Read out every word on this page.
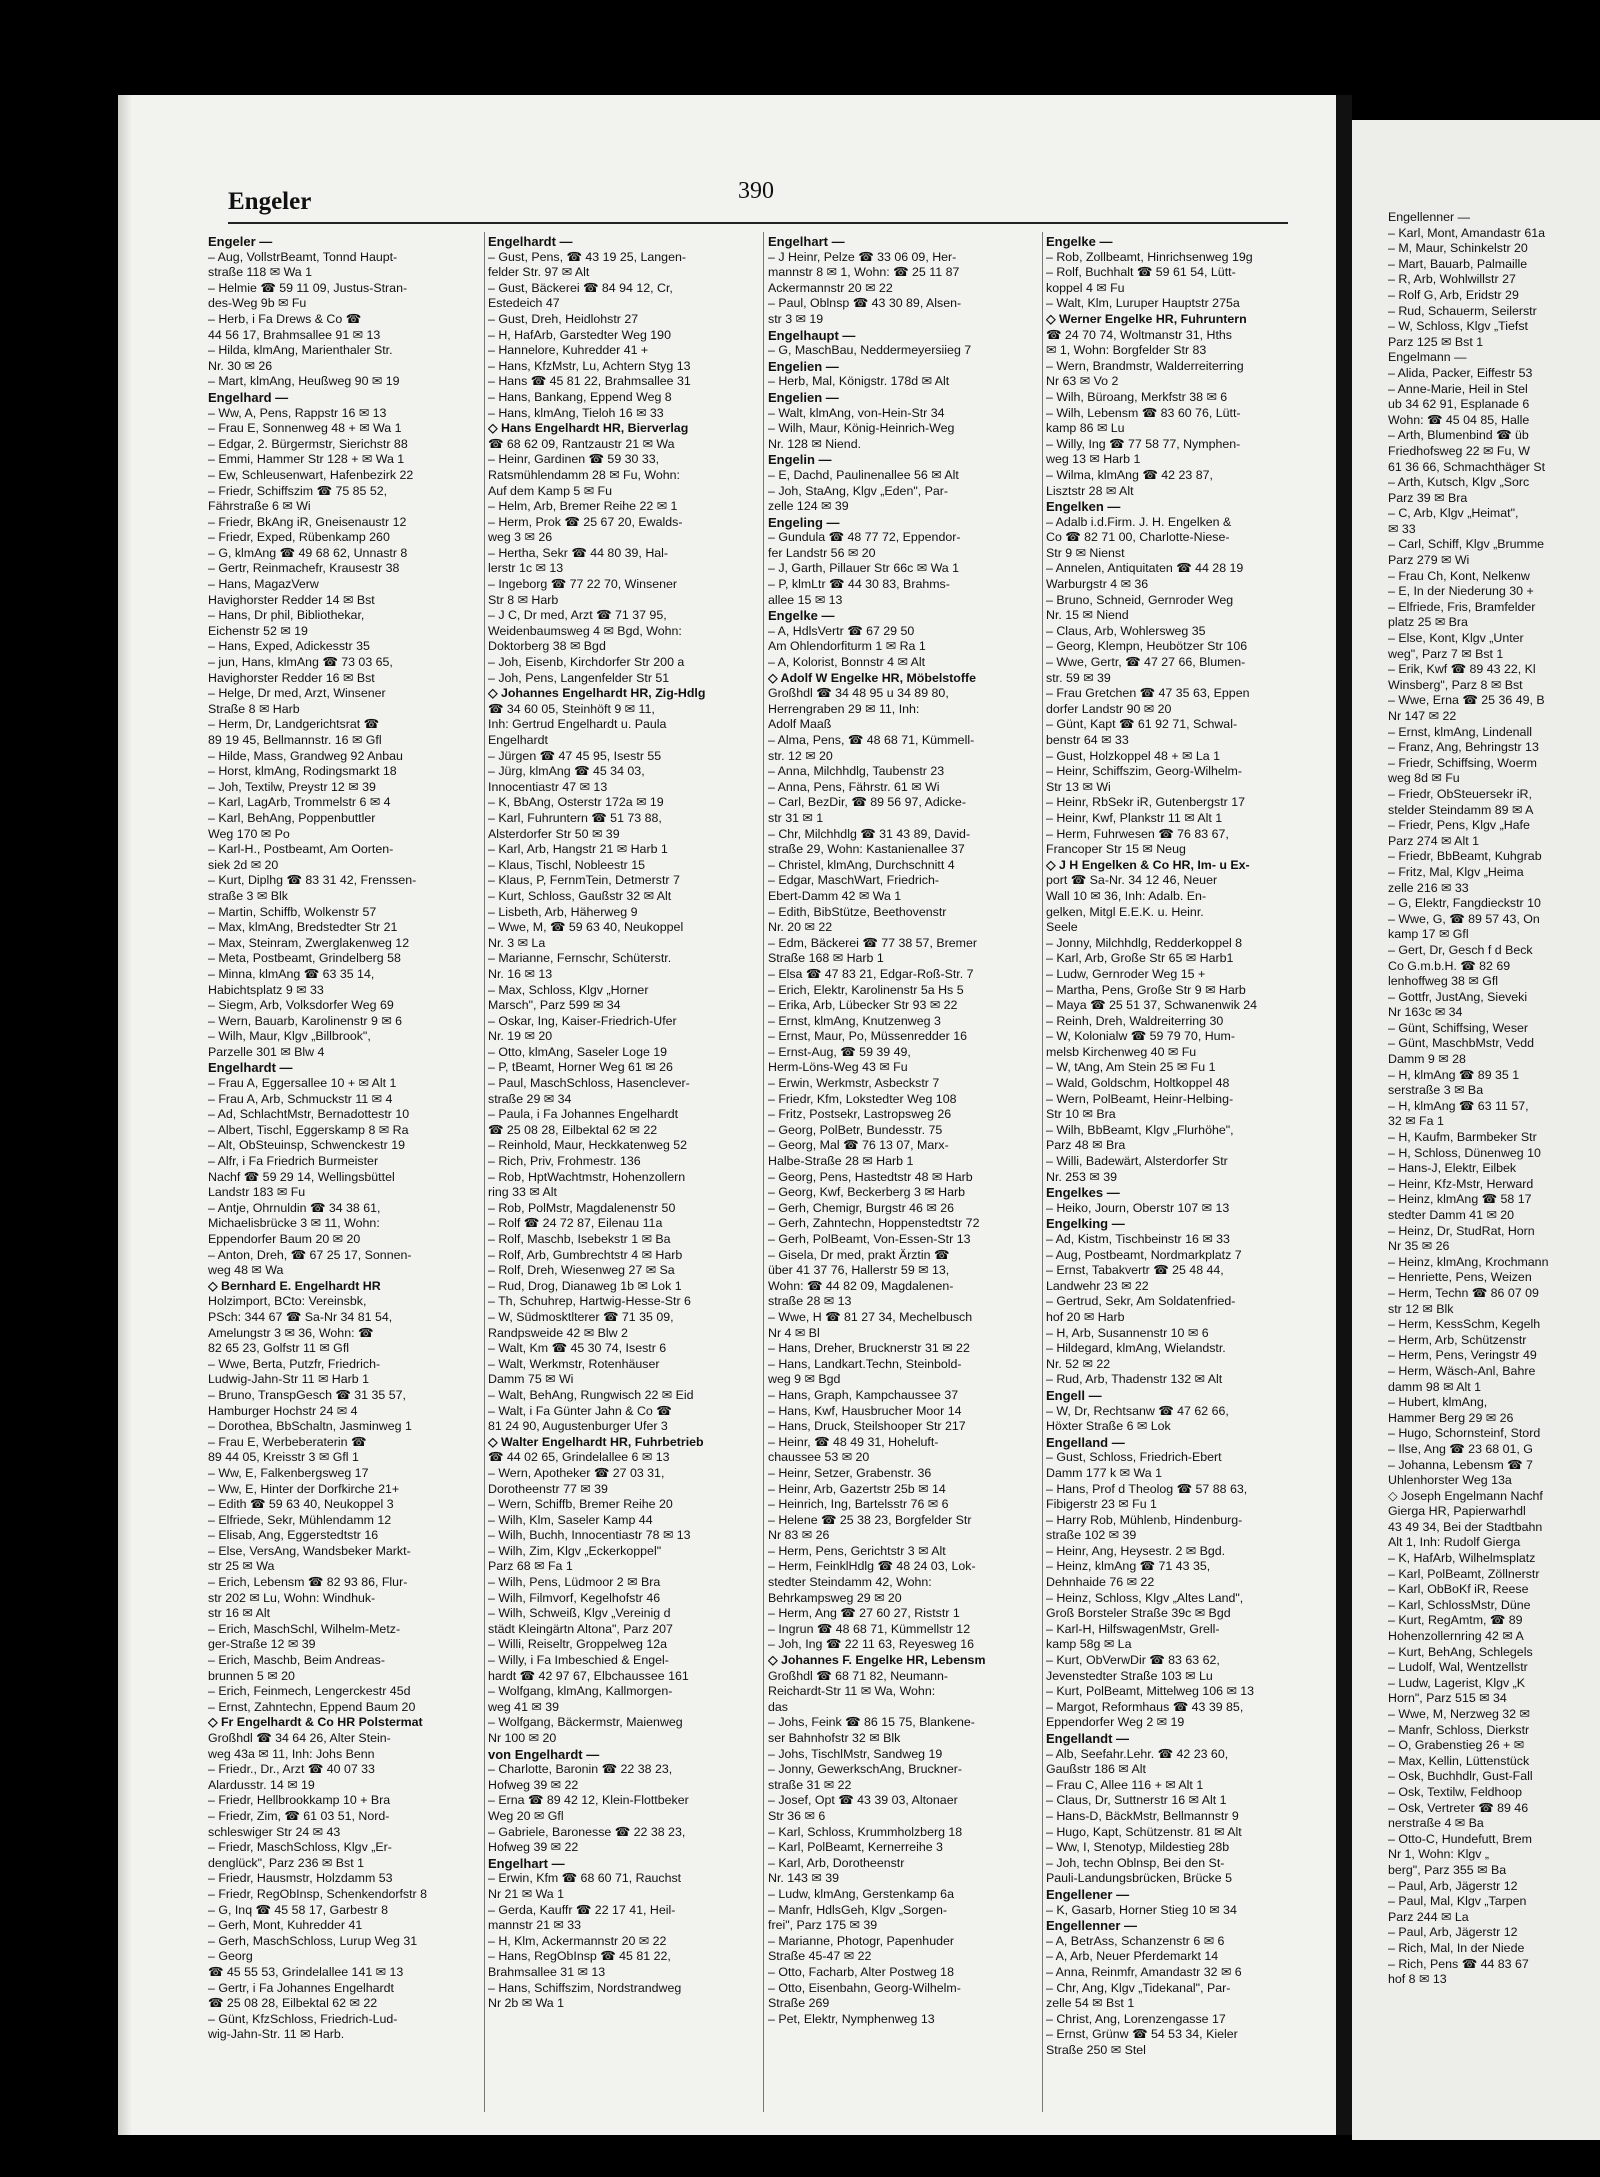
Engeler	390
Engeler —
– Aug, VollstrBeamt, Tonnd Haupt-
straße 118 ✉ Wa 1
– Helmie ☎ 59 11 09, Justus-Stran-
des-Weg 9b ✉ Fu
– Herb, i Fa Drews & Co ☎
44 56 17, Brahmsallee 91 ✉ 13
– Hilda, klmAng, Marienthaler Str.
Nr. 30 ✉ 26
– Mart, klmAng, Heußweg 90 ✉ 19
Engelhard —
– Ww, A, Pens, Rappstr 16 ✉ 13
– Frau E, Sonnenweg 48 + ✉ Wa 1
– Edgar, 2. Bürgermstr, Sierichstr 88
– Emmi, Hammer Str 128 + ✉ Wa 1
– Ew, Schleusenwart, Hafenbezirk 22
– Friedr, Schiffszim ☎ 75 85 52,
Fährstraße 6 ✉ Wi
– Friedr, BkAng iR, Gneisenaustr 12
– Friedr, Exped, Rübenkamp 260
– G, klmAng ☎ 49 68 62, Unnastr 8
– Gertr, Reinmachefr, Krausestr 38
– Hans, MagazVerw
Havighorster Redder 14 ✉ Bst
– Hans, Dr phil, Bibliothekar,
Eichenstr 52 ✉ 19
– Hans, Exped, Adickesstr 35
– jun, Hans, klmAng ☎ 73 03 65,
Havighorster Redder 16 ✉ Bst
– Helge, Dr med, Arzt, Winsener
Straße 8 ✉ Harb
– Herm, Dr, Landgerichtsrat ☎
89 19 45, Bellmannstr. 16 ✉ Gfl
– Hilde, Mass, Grandweg 92 Anbau
– Horst, klmAng, Rodingsmarkt 18
– Joh, Textilw, Preystr 12 ✉ 39
– Karl, LagArb, Trommelstr 6 ✉ 4
– Karl, BehAng, Poppenbuttler
Weg 170 ✉ Po
– Karl-H., Postbeamt, Am Oorten-
siek 2d ✉ 20
– Kurt, Diplhg ☎ 83 31 42, Frenssen-
straße 3 ✉ Blk
– Martin, Schiffb, Wolkenstr 57
– Max, klmAng, Bredstedter Str 21
– Max, Steinram, Zwerglakenweg 12
– Meta, Postbeamt, Grindelberg 58
– Minna, klmAng ☎ 63 35 14,
Habichtsplatz 9 ✉ 33
– Siegm, Arb, Volksdorfer Weg 69
– Wern, Bauarb, Karolinenstr 9 ✉ 6
– Wilh, Maur, Klgv „Billbrook",
Parzelle 301 ✉ Blw 4
Engelhardt —
– Frau A, Eggersallee 10 + ✉ Alt 1
– Frau A, Arb, Schmuckstr 11 ✉ 4
– Ad, SchlachtMstr, Bernadottestr 10
– Albert, Tischl, Eggerskamp 8 ✉ Ra
– Alt, ObSteuinsp, Schwenckestr 19
– Alfr, i Fa Friedrich Burmeister
Nachf ☎ 59 29 14, Wellingsbüttel
Landstr 183 ✉ Fu
– Antje, Ohrnuldin ☎ 34 38 61,
Michaelisbrücke 3 ✉ 11, Wohn:
Eppendorfer Baum 20 ✉ 20
– Anton, Dreh, ☎ 67 25 17, Sonnen-
weg 48 ✉ Wa
◇ Bernhard E. Engelhardt HR
Holzimport, BCto: Vereinsbk,
PSch: 344 67 ☎ Sa-Nr 34 81 54,
Amelungstr 3 ✉ 36, Wohn: ☎
82 65 23, Golfstr 11 ✉ Gfl
– Wwe, Berta, Putzfr, Friedrich-
Ludwig-Jahn-Str 11 ✉ Harb 1
– Bruno, TranspGesch ☎ 31 35 57,
Hamburger Hochstr 24 ✉ 4
– Dorothea, BbSchaltn, Jasminweg 1
– Frau E, Werbeberaterin ☎
89 44 05, Kreisstr 3 ✉ Gfl 1
– Ww, E, Falkenbergsweg 17
– Ww, E, Hinter der Dorfkirche 21+
– Edith ☎ 59 63 40, Neukoppel 3
– Elfriede, Sekr, Mühlendamm 12
– Elisab, Ang, Eggerstedtstr 16
– Else, VersAng, Wandsbeker Markt-
str 25 ✉ Wa
– Erich, Lebensm ☎ 82 93 86, Flur-
str 202 ✉ Lu, Wohn: Windhuk-
str 16 ✉ Alt
– Erich, MaschSchl, Wilhelm-Metz-
ger-Straße 12 ✉ 39
– Erich, Maschb, Beim Andreas-
brunnen 5 ✉ 20
– Erich, Feinmech, Lengerckestr 45d
– Ernst, Zahntechn, Eppend Baum 20
◇ Fr Engelhardt & Co HR Polstermat
Großhdl ☎ 34 64 26, Alter Stein-
weg 43a ✉ 11, Inh: Johs Benn
– Friedr., Dr., Arzt ☎ 40 07 33
Alardusstr. 14 ✉ 19
– Friedr, Hellbrookkamp 10 + Bra
– Friedr, Zim, ☎ 61 03 51, Nord-
schleswiger Str 24 ✉ 43
– Friedr, MaschSchloss, Klgv „Er-
denglück", Parz 236 ✉ Bst 1
– Friedr, Hausmstr, Holzdamm 53
– Friedr, RegObInsp, Schenkendorfstr 8
– G, Inq ☎ 45 58 17, Garbestr 8
– Gerh, Mont, Kuhredder 41
– Gerh, MaschSchloss, Lurup Weg 31
– Georg
☎ 45 55 53, Grindelallee 141 ✉ 13
– Gertr, i Fa Johannes Engelhardt
☎ 25 08 28, Eilbektal 62 ✉ 22
– Günt, KfzSchloss, Friedrich-Lud-
wig-Jahn-Str. 11 ✉ Harb.
Engelhardt —
– Gust, Pens, ☎ 43 19 25, Langen-
felder Str. 97 ✉ Alt
– Gust, Bäckerei ☎ 84 94 12, Cr,
Estedeich 47
– Gust, Dreh, Heidlohstr 27
– H, HafArb, Garstedter Weg 190
– Hannelore, Kuhredder 41 +
– Hans, KfzMstr, Lu, Achtern Styg 13
– Hans ☎ 45 81 22, Brahmsallee 31
– Hans, Bankang, Eppend Weg 8
– Hans, klmAng, Tieloh 16 ✉ 33
◇ Hans Engelhardt HR, Bierverlag
☎ 68 62 09, Rantzaustr 21 ✉ Wa
– Heinr, Gardinen ☎ 59 30 33,
Ratsmühlendamm 28 ✉ Fu, Wohn:
Auf dem Kamp 5 ✉ Fu
– Helm, Arb, Bremer Reihe 22 ✉ 1
– Herm, Prok ☎ 25 67 20, Ewalds-
weg 3 ✉ 26
– Hertha, Sekr ☎ 44 80 39, Hal-
lerstr 1c ✉ 13
– Ingeborg ☎ 77 22 70, Winsener
Str 8 ✉ Harb
– J C, Dr med, Arzt ☎ 71 37 95,
Weidenbaumsweg 4 ✉ Bgd, Wohn:
Doktorberg 38 ✉ Bgd
– Joh, Eisenb, Kirchdorfer Str 200 a
– Joh, Pens, Langenfelder Str 51
◇ Johannes Engelhardt HR, Zig-Hdlg
☎ 34 60 05, Steinhöft 9 ✉ 11,
Inh: Gertrud Engelhardt u. Paula
Engelhardt
– Jürgen ☎ 47 45 95, Isestr 55
– Jürg, klmAng ☎ 45 34 03,
Innocentiastr 47 ✉ 13
– K, BbAng, Osterstr 172a ✉ 19
– Karl, Fuhruntern ☎ 51 73 88,
Alsterdorfer Str 50 ✉ 39
– Karl, Arb, Hangstr 21 ✉ Harb 1
– Klaus, Tischl, Nobleestr 15
– Klaus, P, FernmTein, Detmerstr 7
– Kurt, Schloss, Gaußstr 32 ✉ Alt
– Lisbeth, Arb, Häherweg 9
– Wwe, M, ☎ 59 63 40, Neukoppel
Nr. 3 ✉ La
– Marianne, Fernschr, Schüterstr.
Nr. 16 ✉ 13
– Max, Schloss, Klgv „Horner
Marsch", Parz 599 ✉ 34
– Oskar, Ing, Kaiser-Friedrich-Ufer
Nr. 19 ✉ 20
– Otto, klmAng, Saseler Loge 19
– P, tBeamt, Horner Weg 61 ✉ 26
– Paul, MaschSchloss, Hasenclever-
straße 29 ✉ 34
– Paula, i Fa Johannes Engelhardt
☎ 25 08 28, Eilbektal 62 ✉ 22
– Reinhold, Maur, Heckkatenweg 52
– Rich, Priv, Frohmestr. 136
– Rob, HptWachtmstr, Hohenzollern
ring 33 ✉ Alt
– Rob, PolMstr, Magdalenenstr 50
– Rolf ☎ 24 72 87, Eilenau 11a
– Rolf, Maschb, Isebekstr 1 ✉ Ba
– Rolf, Arb, Gumbrechtstr 4 ✉ Harb
– Rolf, Dreh, Wiesenweg 27 ✉ Sa
– Rud, Drog, Dianaweg 1b ✉ Lok 1
– Th, Schuhrep, Hartwig-Hesse-Str 6
– W, Südmosktlterer ☎ 71 35 09,
Randpsweide 42 ✉ Blw 2
– Walt, Km ☎ 45 30 74, Isestr 6
– Walt, Werkmstr, Rotenhäuser
Damm 75 ✉ Wi
– Walt, BehAng, Rungwisch 22 ✉ Eid
– Walt, i Fa Günter Jahn & Co ☎
81 24 90, Augustenburger Ufer 3
◇ Walter Engelhardt HR, Fuhrbetrieb
☎ 44 02 65, Grindelallee 6 ✉ 13
– Wern, Apotheker ☎ 27 03 31,
Dorotheenstr 77 ✉ 39
– Wern, Schiffb, Bremer Reihe 20
– Wilh, Klm, Saseler Kamp 44
– Wilh, Buchh, Innocentiastr 78 ✉ 13
– Wilh, Zim, Klgv „Eckerkoppel"
Parz 68 ✉ Fa 1
– Wilh, Pens, Lüdmoor 2 ✉ Bra
– Wilh, Filmvorf, Kegelhofstr 46
– Wilh, Schweiß, Klgv „Vereinig d
städt Kleingärtn Altona", Parz 207
– Willi, Reiseltr, Groppelweg 12a
– Willy, i Fa Imbeschied & Engel-
hardt ☎ 42 97 67, Elbchaussee 161
– Wolfgang, klmAng, Kallmorgen-
weg 41 ✉ 39
– Wolfgang, Bäckermstr, Maienweg
Nr 100 ✉ 20
von Engelhardt —
– Charlotte, Baronin ☎ 22 38 23,
Hofweg 39 ✉ 22
– Erna ☎ 89 42 12, Klein-Flottbeker
Weg 20 ✉ Gfl
– Gabriele, Baronesse ☎ 22 38 23,
Hofweg 39 ✉ 22
Engelhart —
– Erwin, Kfm ☎ 68 60 71, Rauchst
Nr 21 ✉ Wa 1
– Gerda, Kauffr ☎ 22 17 41, Heil-
mannstr 21 ✉ 33
– H, Klm, Ackermannstr 20 ✉ 22
– Hans, RegObInsp ☎ 45 81 22,
Brahmsallee 31 ✉ 13
– Hans, Schiffszim, Nordstrandweg
Nr 2b ✉ Wa 1
Engelhart —
– J Heinr, Pelze ☎ 33 06 09, Her-
mannstr 8 ✉ 1, Wohn: ☎ 25 11 87
Ackermannstr 20 ✉ 22
– Paul, Oblnsp ☎ 43 30 89, Alsen-
str 3 ✉ 19
Engelhaupt —
– G, MaschBau, Neddermeyersiieg 7
Engelien —
– Herb, Mal, Königstr. 178d ✉ Alt
Engelien —
– Walt, klmAng, von-Hein-Str 34
– Wilh, Maur, König-Heinrich-Weg
Nr. 128 ✉ Niend.
Engelin —
– E, Dachd, Paulinenallee 56 ✉ Alt
– Joh, StaAng, Klgv „Eden", Par-
zelle 124 ✉ 39
Engeling —
– Gundula ☎ 48 77 72, Eppendor-
fer Landstr 56 ✉ 20
– J, Garth, Pillauer Str 66c ✉ Wa 1
– P, klmLtr ☎ 44 30 83, Brahms-
allee 15 ✉ 13
Engelke —
– A, HdlsVertr ☎ 67 29 50
Am Ohlendorfiturm 1 ✉ Ra 1
– A, Kolorist, Bonnstr 4 ✉ Alt
◇ Adolf W Engelke HR, Möbelstoffe
Großhdl ☎ 34 48 95 u 34 89 80,
Herrengraben 29 ✉ 11, Inh:
Adolf Maaß
– Alma, Pens, ☎ 48 68 71, Kümmell-
str. 12 ✉ 20
– Anna, Milchhdlg, Taubenstr 23
– Anna, Pens, Fährstr. 61 ✉ Wi
– Carl, BezDir, ☎ 89 56 97, Adicke-
str 31 ✉ 1
– Chr, Milchhdlg ☎ 31 43 89, David-
straße 29, Wohn: Kastanienallee 37
– Christel, klmAng, Durchschnitt 4
– Edgar, MaschWart, Friedrich-
Ebert-Damm 42 ✉ Wa 1
– Edith, BibStütze, Beethovenstr
Nr. 20 ✉ 22
– Edm, Bäckerei ☎ 77 38 57, Bremer
Straße 168 ✉ Harb 1
– Elsa ☎ 47 83 21, Edgar-Roß-Str. 7
– Erich, Elektr, Karolinenstr 5a Hs 5
– Erika, Arb, Lübecker Str 93 ✉ 22
– Ernst, klmAng, Knutzenweg 3
– Ernst, Maur, Po, Müssenredder 16
– Ernst-Aug, ☎ 59 39 49,
Herm-Löns-Weg 43 ✉ Fu
– Erwin, Werkmstr, Asbeckstr 7
– Friedr, Kfm, Lokstedter Weg 108
– Fritz, Postsekr, Lastropsweg 26
– Georg, PolBetr, Bundesstr. 75
– Georg, Mal ☎ 76 13 07, Marx-
Halbe-Straße 28 ✉ Harb 1
– Georg, Pens, Hastedtstr 48 ✉ Harb
– Georg, Kwf, Beckerberg 3 ✉ Harb
– Gerh, Chemigr, Burgstr 46 ✉ 26
– Gerh, Zahntechn, Hoppenstedtstr 72
– Gerh, PolBeamt, Von-Essen-Str 13
– Gisela, Dr med, prakt Ärztin ☎
über 41 37 76, Hallerstr 59 ✉ 13,
Wohn: ☎ 44 82 09, Magdalenen-
straße 28 ✉ 13
– Wwe, H ☎ 81 27 34, Mechelbusch
Nr 4 ✉ Bl
– Hans, Dreher, Brucknerstr 31 ✉ 22
– Hans, Landkart.Techn, Steinbold-
weg 9 ✉ Bgd
– Hans, Graph, Kampchaussee 37
– Hans, Kwf, Hausbrucher Moor 14
– Hans, Druck, Steilshooper Str 217
– Heinr, ☎ 48 49 31, Hoheluft-
chaussee 53 ✉ 20
– Heinr, Setzer, Grabenstr. 36
– Heinr, Arb, Gazertstr 25b ✉ 14
– Heinrich, Ing, Bartelsstr 76 ✉ 6
– Helene ☎ 25 38 23, Borgfelder Str
Nr 83 ✉ 26
– Herm, Pens, Gerichtstr 3 ✉ Alt
– Herm, FeinklHdlg ☎ 48 24 03, Lok-
stedter Steindamm 42, Wohn:
Behrkampsweg 29 ✉ 20
– Herm, Ang ☎ 27 60 27, Riststr 1
– Ingrun ☎ 48 68 71, Kümmellstr 12
– Joh, Ing ☎ 22 11 63, Reyesweg 16
◇ Johannes F. Engelke HR, Lebensm
Großhdl ☎ 68 71 82, Neumann-
Reichardt-Str 11 ✉ Wa, Wohn:
das
– Johs, Feink ☎ 86 15 75, Blankene-
ser Bahnhofstr 32 ✉ Blk
– Johs, TischlMstr, Sandweg 19
– Jonny, GewerkschAng, Bruckner-
straße 31 ✉ 22
– Josef, Opt ☎ 43 39 03, Altonaer
Str 36 ✉ 6
– Karl, Schloss, Krummholzberg 18
– Karl, PolBeamt, Kernerreihe 3
– Karl, Arb, Dorotheenstr
Nr. 143 ✉ 39
– Ludw, klmAng, Gerstenkamp 6a
– Manfr, HdlsGeh, Klgv „Sorgen-
frei", Parz 175 ✉ 39
– Marianne, Photogr, Papenhuder
Straße 45-47 ✉ 22
– Otto, Facharb, Alter Postweg 18
– Otto, Eisenbahn, Georg-Wilhelm-
Straße 269
– Pet, Elektr, Nymphenweg 13
Engelke —
– Rob, Zollbeamt, Hinrichsenweg 19g
– Rolf, Buchhalt ☎ 59 61 54, Lütt-
koppel 4 ✉ Fu
– Walt, Klm, Luruper Hauptstr 275a
◇ Werner Engelke HR, Fuhruntern
☎ 24 70 74, Woltmanstr 31, Hths
✉ 1, Wohn: Borgfelder Str 83
– Wern, Brandmstr, Walderreiterring
Nr 63 ✉ Vo 2
– Wilh, Büroang, Merkfstr 38 ✉ 6
– Wilh, Lebensm ☎ 83 60 76, Lütt-
kamp 86 ✉ Lu
– Willy, Ing ☎ 77 58 77, Nymphen-
weg 13 ✉ Harb 1
– Wilma, klmAng ☎ 42 23 87,
Lisztstr 28 ✉ Alt
Engelken —
– Adalb i.d.Firm. J. H. Engelken &
Co ☎ 82 71 00, Charlotte-Niese-
Str 9 ✉ Nienst
– Annelen, Antiquitaten ☎ 44 28 19
Warburgstr 4 ✉ 36
– Bruno, Schneid, Gernroder Weg
Nr. 15 ✉ Niend
– Claus, Arb, Wohlersweg 35
– Georg, Klempn, Heubötzer Str 106
– Wwe, Gertr, ☎ 47 27 66, Blumen-
str. 59 ✉ 39
– Frau Gretchen ☎ 47 35 63, Eppen
dorfer Landstr 90 ✉ 20
– Günt, Kapt ☎ 61 92 71, Schwal-
benstr 64 ✉ 33
– Gust, Holzkoppel 48 + ✉ La 1
– Heinr, Schiffszim, Georg-Wilhelm-
Str 13 ✉ Wi
– Heinr, RbSekr iR, Gutenbergstr 17
– Heinr, Kwf, Plankstr 11 ✉ Alt 1
– Herm, Fuhrwesen ☎ 76 83 67,
Francoper Str 15 ✉ Neug
◇ J H Engelken & Co HR, Im- u Ex-
port ☎ Sa-Nr. 34 12 46, Neuer
Wall 10 ✉ 36, Inh: Adalb. En-
gelken, Mitgl E.E.K. u. Heinr.
Seele
– Jonny, Milchhdlg, Redderkoppel 8
– Karl, Arb, Große Str 65 ✉ Harb1
– Ludw, Gernroder Weg 15 +
– Martha, Pens, Große Str 9 ✉ Harb
– Maya ☎ 25 51 37, Schwanenwik 24
– Reinh, Dreh, Waldreiterring 30
– W, Kolonialw ☎ 59 79 70, Hum-
melsb Kirchenweg 40 ✉ Fu
– W, tAng, Am Stein 25 ✉ Fu 1
– Wald, Goldschm, Holtkoppel 48
– Wern, PolBeamt, Heinr-Helbing-
Str 10 ✉ Bra
– Wilh, BbBeamt, Klgv „Flurhöhe",
Parz 48 ✉ Bra
– Willi, Badewärt, Alsterdorfer Str
Nr. 253 ✉ 39
Engelkes —
– Heiko, Journ, Oberstr 107 ✉ 13
Engelking —
– Ad, Kistm, Tischbeinstr 16 ✉ 33
– Aug, Postbeamt, Nordmarkplatz 7
– Ernst, Tabakvertr ☎ 25 48 44,
Landwehr 23 ✉ 22
– Gertrud, Sekr, Am Soldatenfried-
hof 20 ✉ Harb
– H, Arb, Susannenstr 10 ✉ 6
– Hildegard, klmAng, Wielandstr.
Nr. 52 ✉ 22
– Rud, Arb, Thadenstr 132 ✉ Alt
Engell —
– W, Dr, Rechtsanw ☎ 47 62 66,
Höxter Straße 6 ✉ Lok
Engelland —
– Gust, Schloss, Friedrich-Ebert
Damm 177 k ✉ Wa 1
– Hans, Prof d Theolog ☎ 57 88 63,
Fibigerstr 23 ✉ Fu 1
– Harry Rob, Mühlenb, Hindenburg-
straße 102 ✉ 39
– Heinr, Ang, Heysestr. 2 ✉ Bgd.
– Heinz, klmAng ☎ 71 43 35,
Dehnhaide 76 ✉ 22
– Heinz, Schloss, Klgv „Altes Land",
Groß Borsteler Straße 39c ✉ Bgd
– Karl-H, HilfswagenMstr, Grell-
kamp 58g ✉ La
– Kurt, ObVerwDir ☎ 83 63 62,
Jevenstedter Straße 103 ✉ Lu
– Kurt, PolBeamt, Mittelweg 106 ✉ 13
– Margot, Reformhaus ☎ 43 39 85,
Eppendorfer Weg 2 ✉ 19
Engellandt —
– Alb, Seefahr.Lehr. ☎ 42 23 60,
Gaußstr 186 ✉ Alt
– Frau C, Allee 116 + ✉ Alt 1
– Claus, Dr, Suttnerstr 16 ✉ Alt 1
– Hans-D, BäckMstr, Bellmannstr 9
– Hugo, Kapt, Schützenstr. 81 ✉ Alt
– Ww, I, Stenotyp, Mildestieg 28b
– Joh, techn Oblnsp, Bei den St-
Pauli-Landungsbrücken, Brücke 5
Engellener —
– K, Gasarb, Horner Stieg 10 ✉ 34
Engellenner —
– A, BetrAss, Schanzenstr 6 ✉ 6
– A, Arb, Neuer Pferdemarkt 14
– Anna, Reinmfr, Amandastr 32 ✉ 6
– Chr, Ang, Klgv „Tidekanal", Par-
zelle 54 ✉ Bst 1
– Christ, Ang, Lorenzengasse 17
– Ernst, Grünw ☎ 54 53 34, Kieler
Straße 250 ✉ Stel
Engellenner —
– Karl, Mont, Amandastr 61a
– M, Maur, Schinkelstr 20
– Mart, Bauarb, Palmaille
– R, Arb, Wohlwillstr 27
– Rolf G, Arb, Eridstr 29
– Rud, Schauerm, Seilerstr
– W, Schloss, Klgv „Tiefst
Parz 125 ✉ Bst 1
Engelmann —
– Alida, Packer, Eiffestr 53
– Anne-Marie, Heil in Stel
ub 34 62 91, Esplanade 6
Wohn: ☎ 45 04 85, Halle
– Arth, Blumenbind ☎ üb
Friedhofsweg 22 ✉ Fu, W
61 36 66, Schmachthäger St
– Arth, Kutsch, Klgv „Sorc
Parz 39 ✉ Bra
– C, Arb, Klgv „Heimat",
✉ 33
– Carl, Schiff, Klgv „Brumme
Parz 279 ✉ Wi
– Frau Ch, Kont, Nelkenw
– E, In der Niederung 30 +
– Elfriede, Fris, Bramfelder
platz 25 ✉ Bra
– Else, Kont, Klgv „Unter
weg", Parz 7 ✉ Bst 1
– Erik, Kwf ☎ 89 43 22, Kl
Winsberg", Parz 8 ✉ Bst
– Wwe, Erna ☎ 25 36 49, B
Nr 147 ✉ 22
– Ernst, klmAng, Lindenall
– Franz, Ang, Behringstr 13
– Friedr, Schiffsing, Woerm
weg 8d ✉ Fu
– Friedr, ObSteuersekr iR,
stelder Steindamm 89 ✉ A
– Friedr, Pens, Klgv „Hafe
Parz 274 ✉ Alt 1
– Friedr, BbBeamt, Kuhgrab
– Fritz, Mal, Klgv „Heima
zelle 216 ✉ 33
– G, Elektr, Fangdieckstr 10
– Wwe, G, ☎ 89 57 43, On
kamp 17 ✉ Gfl
– Gert, Dr, Gesch f d Beck
Co G.m.b.H. ☎ 82 69
lenhoffweg 38 ✉ Gfl
– Gottfr, JustAng, Sieveki
Nr 163c ✉ 34
– Günt, Schiffsing, Weser
– Günt, MaschbMstr, Vedd
Damm 9 ✉ 28
– H, klmAng ☎ 89 35 1
serstraße 3 ✉ Ba
– H, klmAng ☎ 63 11 57,
32 ✉ Fa 1
– H, Kaufm, Barmbeker Str
– H, Schloss, Dünenweg 10
– Hans-J, Elektr, Eilbek
– Heinr, Kfz-Mstr, Herward
– Heinz, klmAng ☎ 58 17
stedter Damm 41 ✉ 20
– Heinz, Dr, StudRat, Horn
Nr 35 ✉ 26
– Heinz, klmAng, Krochmann
– Henriette, Pens, Weizen
– Herm, Techn ☎ 86 07 09
str 12 ✉ Blk
– Herm, KessSchm, Kegelh
– Herm, Arb, Schützenstr
– Herm, Pens, Veringstr 49
– Herm, Wäsch-Anl, Bahre
damm 98 ✉ Alt 1
– Hubert, klmAng,
Hammer Berg 29 ✉ 26
– Hugo, Schornsteinf, Stord
– Ilse, Ang ☎ 23 68 01, G
– Johanna, Lebensm ☎ 7
Uhlenhorster Weg 13a
◇ Joseph Engelmann Nachf
Gierga HR, Papierwarhdl
43 49 34, Bei der Stadtbahn
Alt 1, Inh: Rudolf Gierga
– K, HafArb, Wilhelmsplatz
– Karl, PolBeamt, Zöllnerstr
– Karl, ObBoKf iR, Reese
– Karl, SchlossMstr, Düne
– Kurt, RegAmtm, ☎ 89
Hohenzollernring 42 ✉ A
– Kurt, BehAng, Schlegels
– Ludolf, Wal, Wentzellstr
– Ludw, Lagerist, Klgv „K
Horn", Parz 515 ✉ 34
– Wwe, M, Nerzweg 32 ✉
– Manfr, Schloss, Dierkstr
– O, Grabenstieg 26 + ✉
– Max, Kellin, Lüttenstück
– Osk, Buchhdlr, Gust-Fall
– Osk, Textilw, Feldhoop
– Osk, Vertreter ☎ 89 46
nerstraße 4 ✉ Ba
– Otto-C, Hundefutt, Brem
Nr 1, Wohn: Klgv „
berg", Parz 355 ✉ Ba
– Paul, Arb, Jägerstr 12
– Paul, Mal, Klgv „Tarpen
Parz 244 ✉ La
– Paul, Arb, Jägerstr 12
– Rich, Mal, In der Niede
– Rich, Pens ☎ 44 83 67
hof 8 ✉ 13
